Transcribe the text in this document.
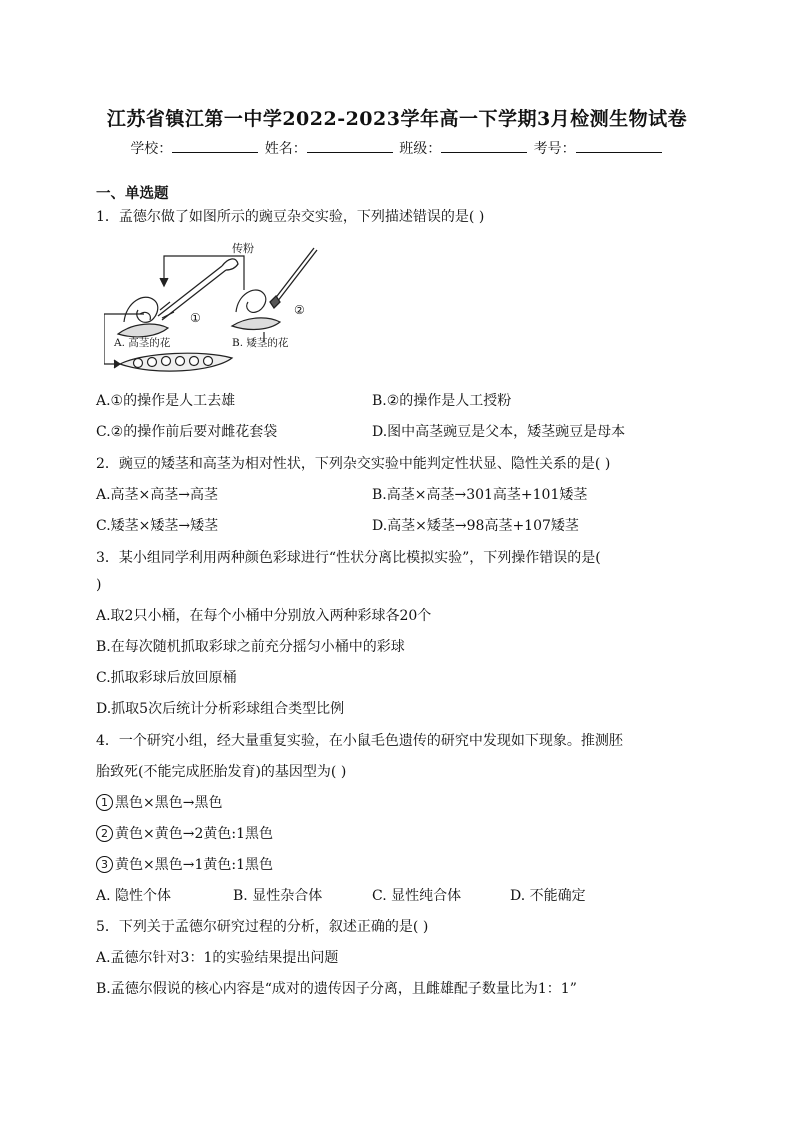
江苏省镇江第一中学2022-2023学年高一下学期3月检测生物试卷
学校：	姓名：	班级：	考号：
一、单选题
1．孟德尔做了如图所示的豌豆杂交实验，下列描述错误的是( )
传粉
①
②
A. 高茎的花	B. 矮茎的花
A.①的操作是人工去雄	B.②的操作是人工授粉
C.②的操作前后要对雌花套袋	D.图中高茎豌豆是父本，矮茎豌豆是母本
2．豌豆的矮茎和高茎为相对性状，下列杂交实验中能判定性状显、隐性关系的是( )
A.高茎×高茎→高茎	B.高茎×高茎→301高茎+101矮茎
C.矮茎×矮茎→矮茎	D.高茎×矮茎→98高茎+107矮茎
3．某小组同学利用两种颜色彩球进行“性状分离比模拟实验”，下列操作错误的是(
)
A.取2只小桶，在每个小桶中分别放入两种彩球各20个
B.在每次随机抓取彩球之前充分摇匀小桶中的彩球
C.抓取彩球后放回原桶
D.抓取5次后统计分析彩球组合类型比例
4．一个研究小组，经大量重复实验，在小鼠毛色遗传的研究中发现如下现象。推测胚
胎致死(不能完成胚胎发育)的基因型为( )
1 黑色×黑色→黑色
2 黄色×黄色→2黄色:1黑色
3 黄色×黑色→1黄色:1黑色
A. 隐性个体	B. 显性杂合体	C. 显性纯合体	D. 不能确定
5．下列关于孟德尔研究过程的分析，叙述正确的是( )
A.孟德尔针对3：1的实验结果提出问题
B.孟德尔假说的核心内容是“成对的遗传因子分离，且雌雄配子数量比为1：1”
